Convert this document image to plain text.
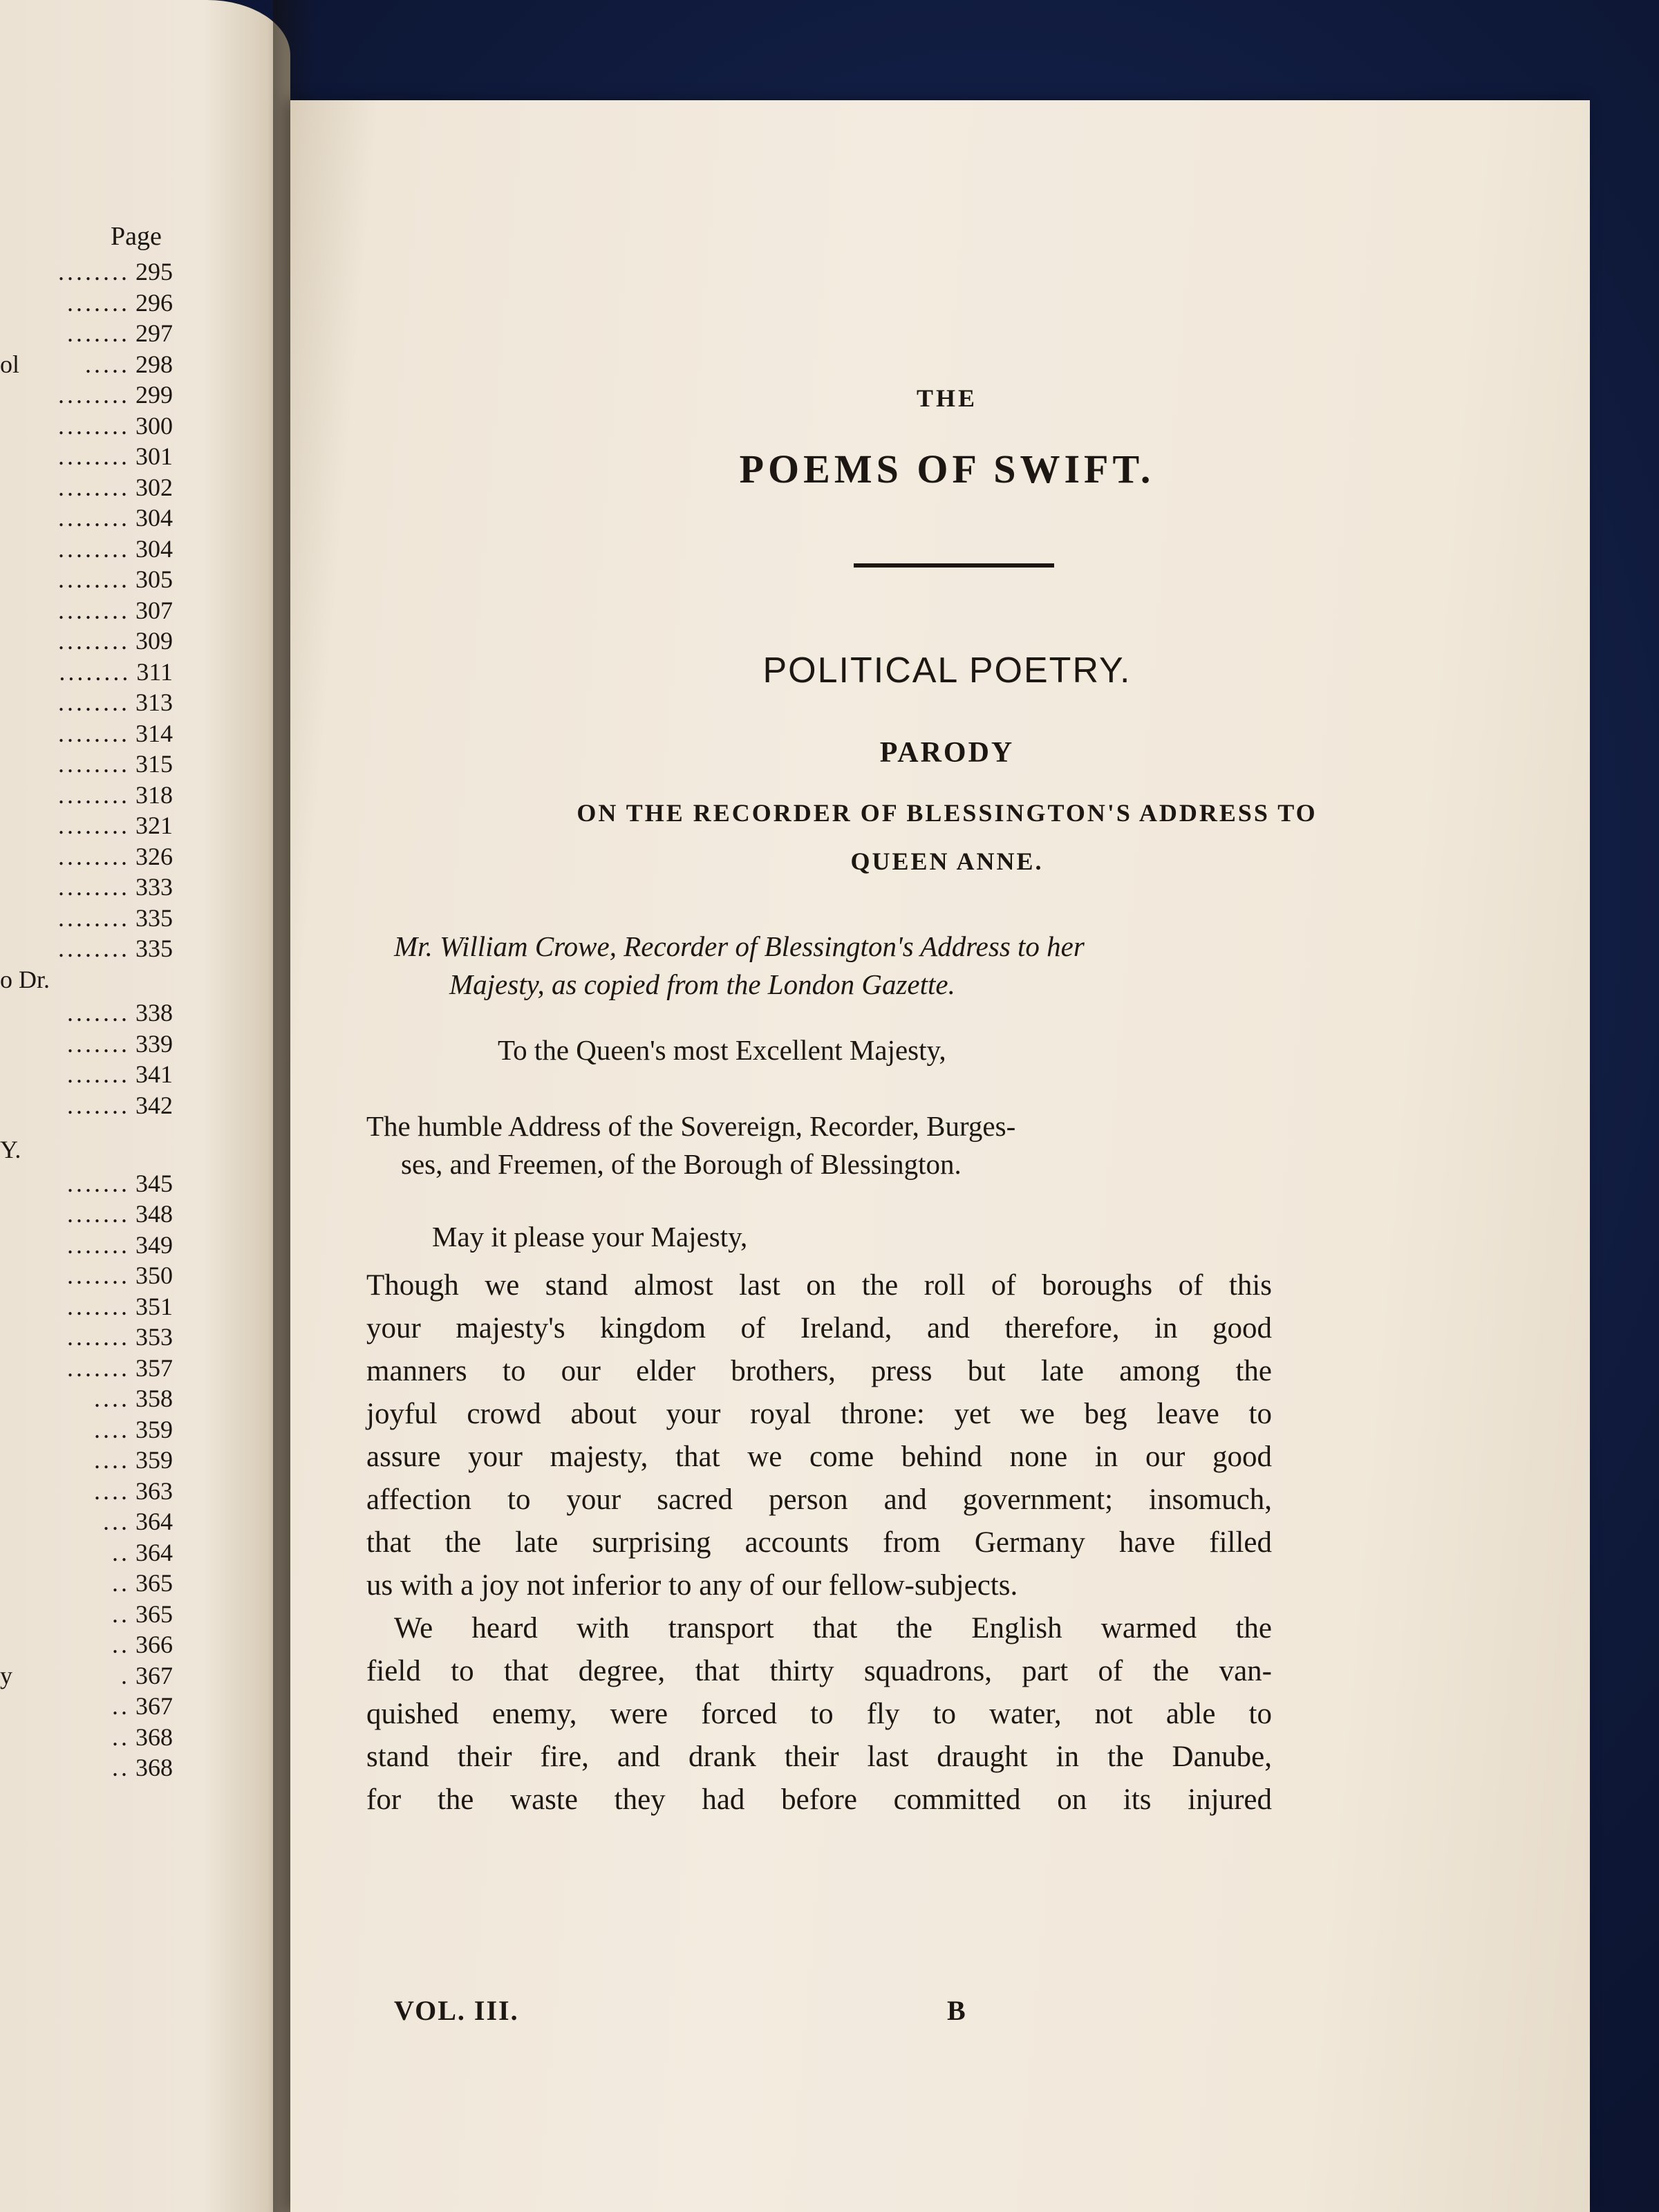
Page
........ 295
....... 296
....... 297
ol	..... 298
........ 299
........ 300
........ 301
........ 302
........ 304
........ 304
........ 305
........ 307
........ 309
........ 311
........ 313
........ 314
........ 315
........ 318
........ 321
........ 326
........ 333
........ 335
........ 335
o Dr.
....... 338
....... 339
....... 341
....... 342
Y.
....... 345
....... 348
....... 349
....... 350
....... 351
....... 353
....... 357
.... 358
.... 359
.... 359
.... 363
... 364
.. 364
.. 365
.. 365
.. 366
y	. 367
.. 367
.. 368
.. 368
THE
POEMS OF SWIFT.
POLITICAL POETRY.
PARODY
ON THE RECORDER OF BLESSINGTON'S ADDRESS TO
QUEEN ANNE.
Mr. William Crowe, Recorder of Blessington's Address to her
Majesty, as copied from the London Gazette.
To the Queen's most Excellent Majesty,
The humble Address of the Sovereign, Recorder, Burges-
ses, and Freemen, of the Borough of Blessington.
May it please your Majesty,
Though we stand almost last on the roll of boroughs of this
your majesty's kingdom of Ireland, and therefore, in good
manners to our elder brothers, press but late among the
joyful crowd about your royal throne: yet we beg leave to
assure your majesty, that we come behind none in our good
affection to your sacred person and government; insomuch,
that the late surprising accounts from Germany have filled
us with a joy not inferior to any of our fellow-subjects.
We heard with transport that the English warmed the
field to that degree, that thirty squadrons, part of the van-
quished enemy, were forced to fly to water, not able to
stand their fire, and drank their last draught in the Danube,
for the waste they had before committed on its injured
VOL. III.	B
